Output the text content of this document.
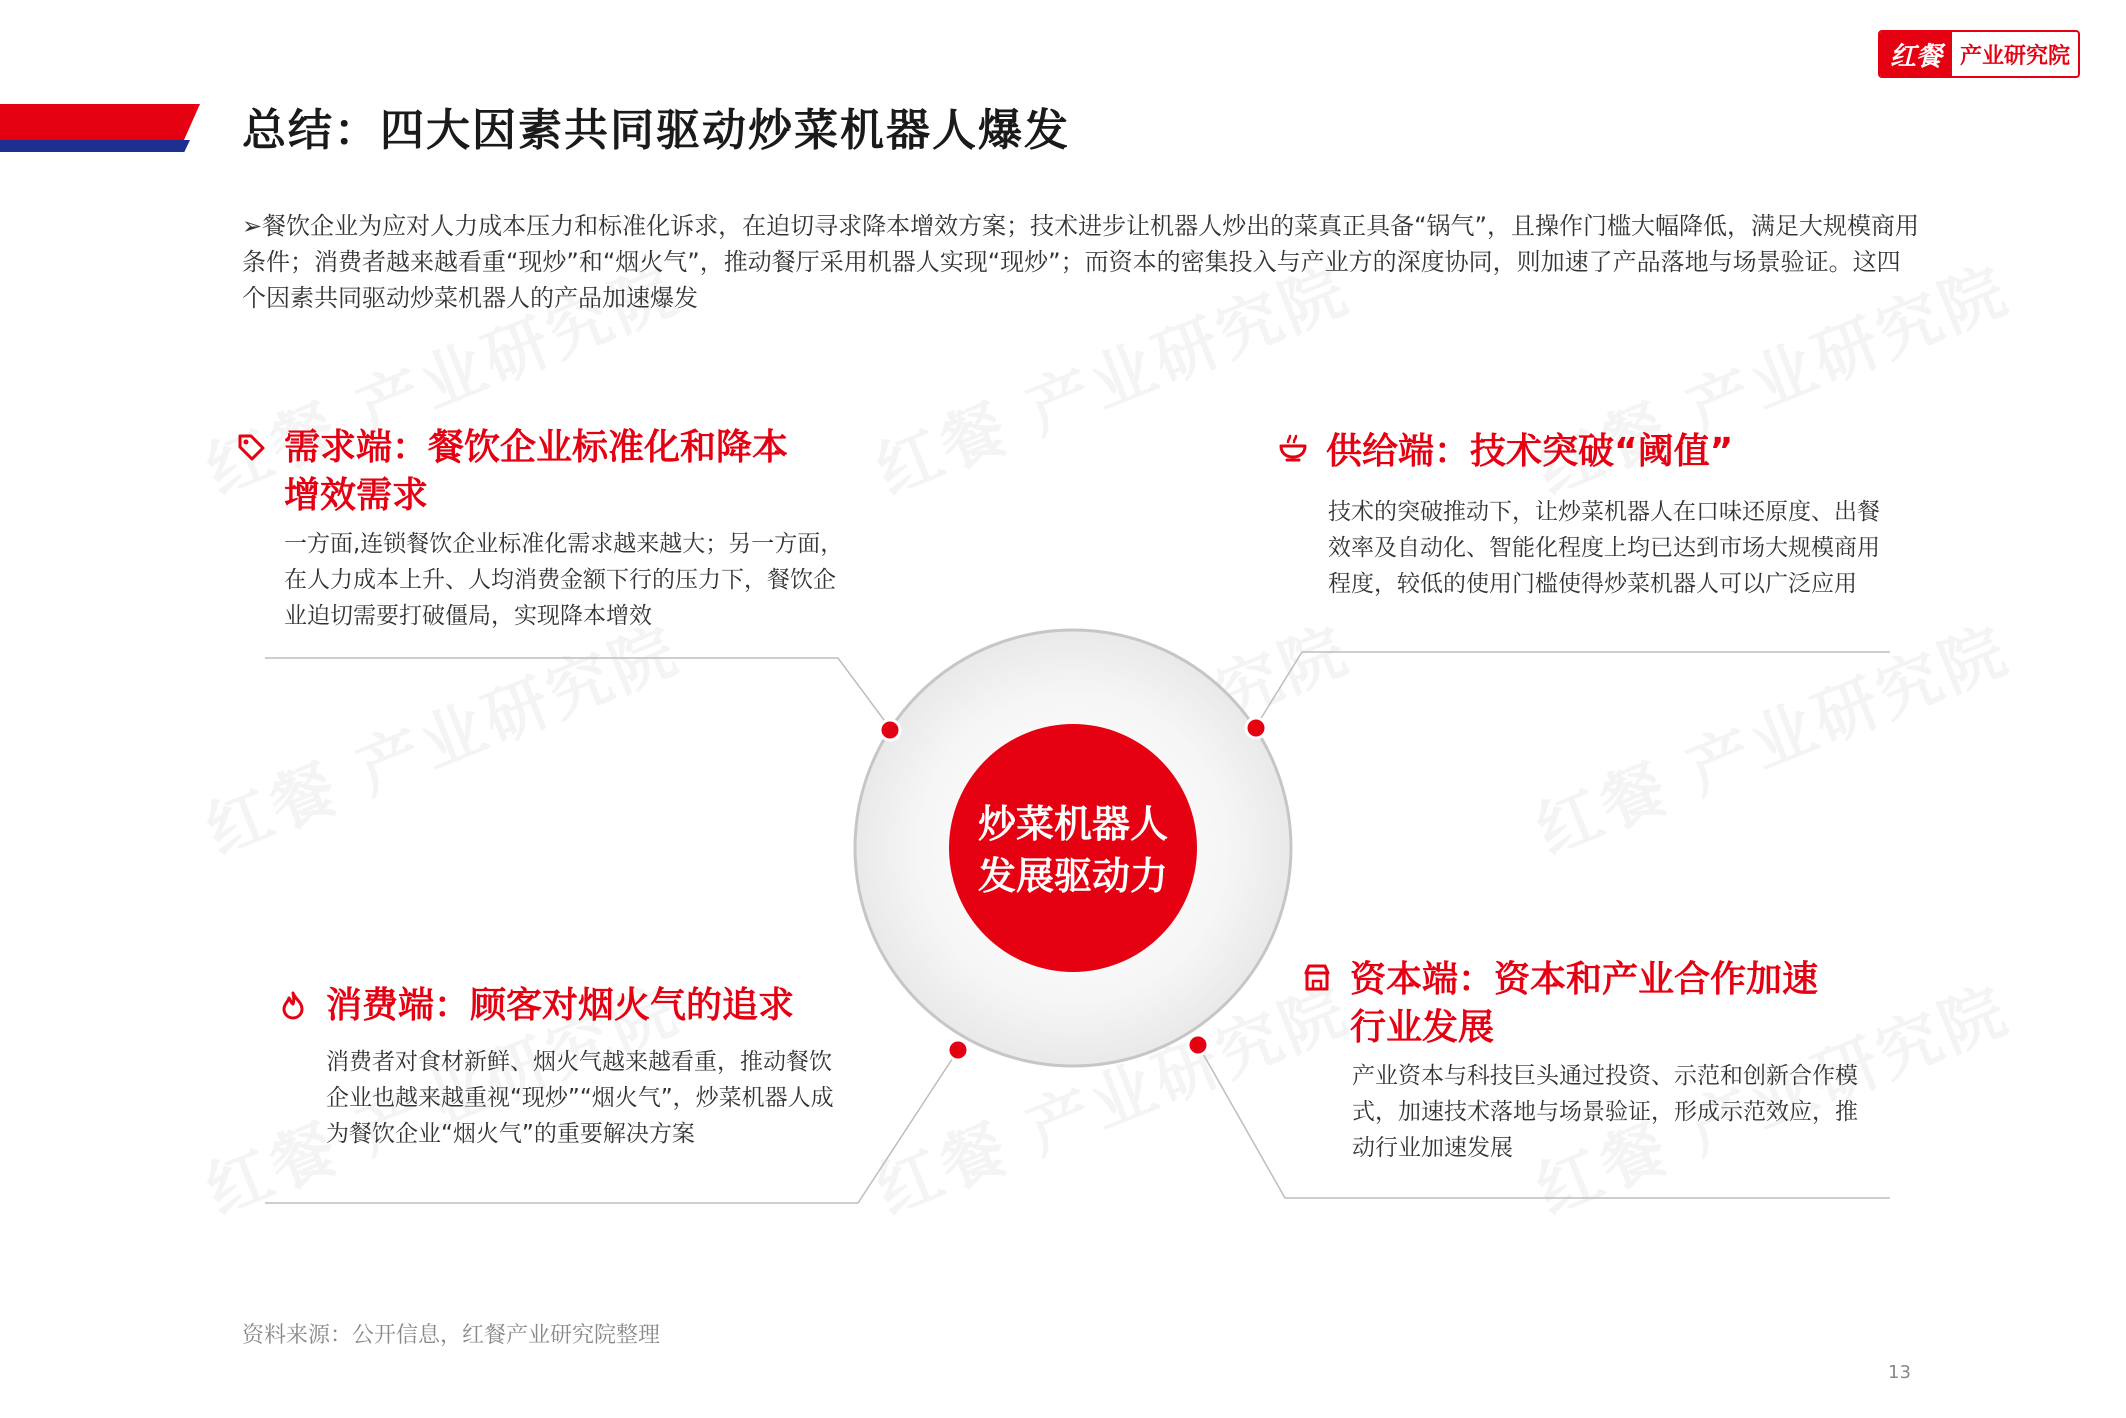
总结：四大因素共同驱动炒菜机器人爆发
红餐 产业研究院
➢餐饮企业为应对人力成本压力和标准化诉求，在迫切寻求降本增效方案；技术进步让机器人炒出的菜真正具备“锅气”，且操作门槛大幅降低，满足大规模商用条件；消费者越来越看重“现炒”和“烟火气”，推动餐厅采用机器人实现“现炒”；而资本的密集投入与产业方的深度协同，则加速了产品落地与场景验证。这四个因素共同驱动炒菜机器人的产品加速爆发
炒菜机器人
发展驱动力
需求端：餐饮企业标准化和降本
增效需求
一方面,连锁餐饮企业标准化需求越来越大；另一方面，在人力成本上升、人均消费金额下行的压力下，餐饮企业迫切需要打破僵局，实现降本增效
供给端：技术突破“阈值”
技术的突破推动下，让炒菜机器人在口味还原度、出餐效率及自动化、智能化程度上均已达到市场大规模商用程度，较低的使用门槛使得炒菜机器人可以广泛应用
消费端：顾客对烟火气的追求
消费者对食材新鲜、烟火气越来越看重，推动餐饮企业也越来越重视“现炒”“烟火气”，炒菜机器人成为餐饮企业“烟火气”的重要解决方案
资本端：资本和产业合作加速
行业发展
产业资本与科技巨头通过投资、示范和创新合作模式，加速技术落地与场景验证，形成示范效应，推动行业加速发展
资料来源：公开信息，红餐产业研究院整理
13
